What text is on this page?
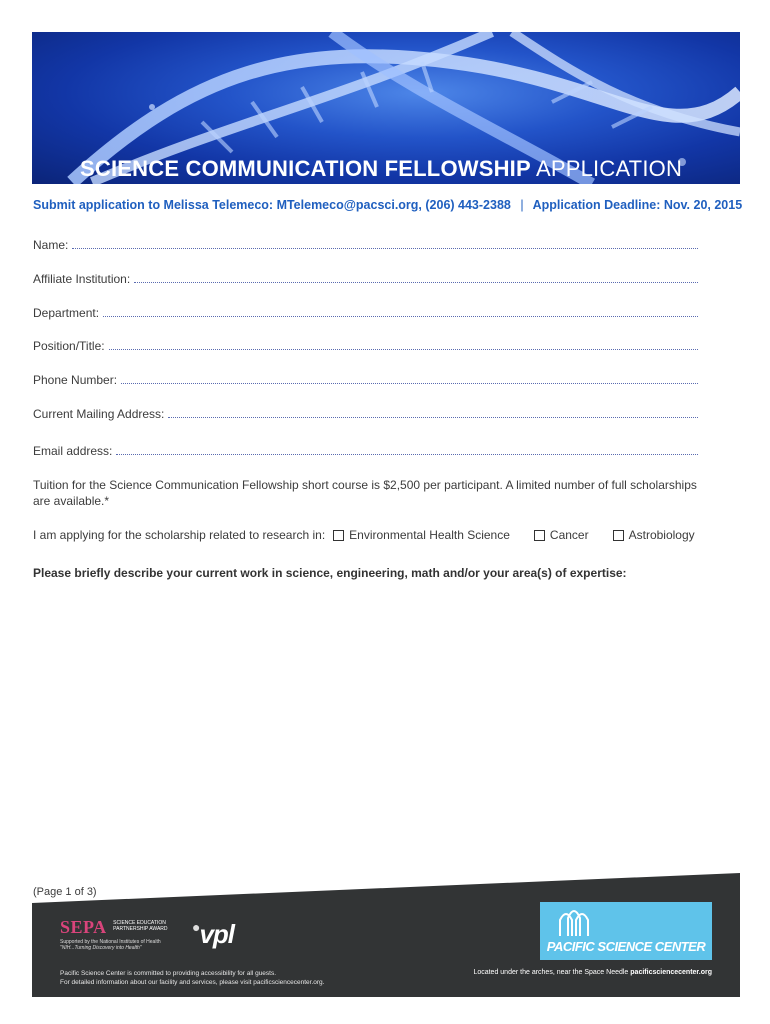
SCIENCE COMMUNICATION FELLOWSHIP APPLICATION
Submit application to Melissa Telemeco: MTelemeco@pacsci.org, (206) 443-2388 | Application Deadline: Nov. 20, 2015
Name:
Affiliate Institution:
Department:
Position/Title:
Phone Number:
Current Mailing Address:
Email address:
Tuition for the Science Communication Fellowship short course is $2,500 per participant. A limited number of full scholarships are available.*
I am applying for the scholarship related to research in: Environmental Health Science	Cancer	Astrobiology
Please briefly describe your current work in science, engineering, math and/or your area(s) of expertise:
(Page 1 of 3)
SEPA SCIENCE EDUCATION PARTNERSHIP AWARD
Supported by the National Institutes of Health
"NIH...Turning Discovery into Health"
●vpl
Pacific Science Center is committed to providing accessibility for all guests.
For detailed information about our facility and services, please visit pacificsciencecenter.org.
PACIFIC SCIENCE CENTER
Located under the arches, near the Space Needle pacificsciencecenter.org
